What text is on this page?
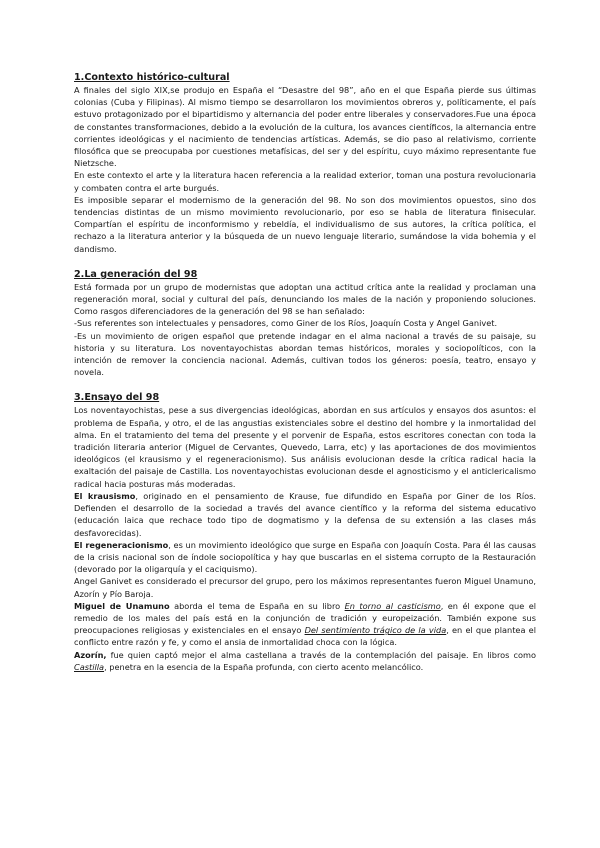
1.Contexto histórico-cultural

A finales del siglo XIX,se produjo en España el “Desastre del 98”, año en el que España pierde sus últimas colonias (Cuba y Filipinas). Al mismo tiempo se desarrollaron los movimientos obreros y, políticamente, el país estuvo protagonizado por el bipartidismo y alternancia del poder entre liberales y conservadores.Fue una época de constantes transformaciones, debido a la evolución de la cultura, los avances científicos, la alternancia entre corrientes ideológicas y el nacimiento de tendencias artísticas. Además, se dio paso al relativismo, corriente filosófica que se preocupaba por cuestiones metafísicas, del ser y del espíritu, cuyo máximo representante fue Nietzsche.

En este contexto el arte y la literatura hacen referencia a la realidad exterior, toman una postura revolucionaria y combaten contra el arte burgués.

Es imposible separar el modernismo de la generación del 98. No son dos movimientos opuestos, sino dos tendencias distintas de un mismo movimiento revolucionario, por eso se habla de literatura finisecular. Compartían el espíritu de inconformismo y rebeldía, el individualismo de sus autores, la crítica política, el rechazo a la literatura anterior y la búsqueda de un nuevo lenguaje literario, sumándose la vida bohemia y el dandismo.

2.La generación del 98

Está formada por un grupo de modernistas que adoptan una actitud crítica ante la realidad y proclaman una regeneración moral, social y cultural del país, denunciando los males de la nación y proponiendo soluciones. Como rasgos diferenciadores de la generación del 98 se han señalado:

-Sus referentes son intelectuales y pensadores, como Giner de los Ríos, Joaquín Costa y Angel Ganivet.

-Es un movimiento de origen español que pretende indagar en el alma nacional a través de su paisaje, su historia y su literatura. Los noventayochistas abordan temas históricos, morales y sociopolíticos, con la intención de remover la conciencia nacional. Además, cultivan todos los géneros: poesía, teatro, ensayo y novela.

3.Ensayo del 98

Los noventayochistas, pese a sus divergencias ideológicas, abordan en sus artículos y ensayos dos asuntos: el problema de España, y otro, el de las angustias existenciales sobre el destino del hombre y la inmortalidad del alma. En el tratamiento del tema del presente y el porvenir de España, estos escritores conectan con toda la tradición literaria anterior (Miguel de Cervantes, Quevedo, Larra, etc) y las aportaciones de dos movimientos ideológicos (el krausismo y el regeneracionismo). Sus análisis evolucionan desde la crítica radical hacia la exaltación del paisaje de Castilla. Los noventayochistas evolucionan desde el agnosticismo y el anticlericalismo radical hacia posturas más moderadas.

El krausismo, originado en el pensamiento de Krause, fue difundido en España por Giner de los Ríos. Defienden el desarrollo de la sociedad a través del avance científico y la reforma del sistema educativo (educación laica que rechace todo tipo de dogmatismo y la defensa de su extensión a las clases más desfavorecidas).

El regeneracionismo, es un movimiento ideológico que surge en España con Joaquín Costa. Para él las causas de la crisis nacional son de índole sociopolítica y hay que buscarlas en el sistema corrupto de la Restauración (devorado por la oligarquía y el caciquismo).

Angel Ganivet es considerado el precursor del grupo, pero los máximos representantes fueron Miguel Unamuno, Azorín y Pío Baroja.

Miguel de Unamuno aborda el tema de España en su libro En torno al casticismo, en él expone que el remedio de los males del país está en la conjunción de tradición y europeización. También expone sus preocupaciones religiosas y existenciales en el ensayo Del sentimiento trágico de la vida, en el que plantea el conflicto entre razón y fe, y como el ansia de inmortalidad choca con la lógica.

Azorín, fue quien captó mejor el alma castellana a través de la contemplación del paisaje. En libros como Castilla, penetra en la esencia de la España profunda, con cierto acento melancólico.
